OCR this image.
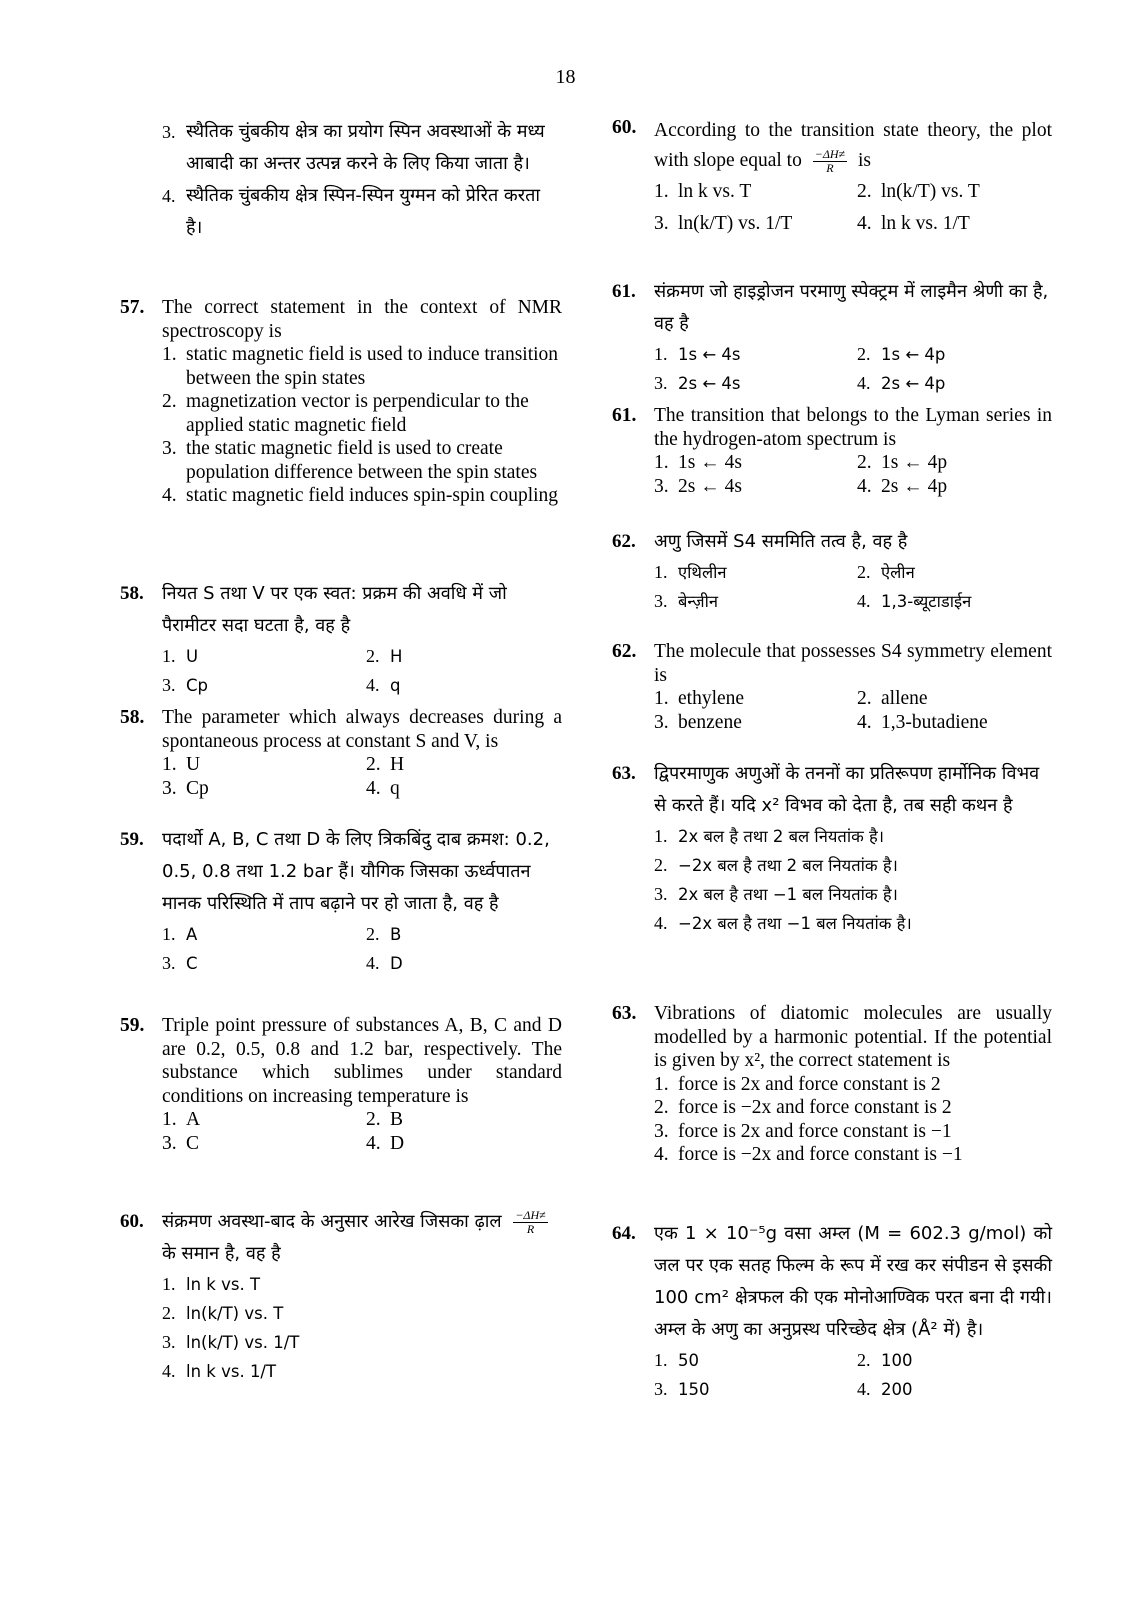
18
3. स्थैतिक चुंबकीय क्षेत्र का प्रयोग स्पिन अवस्थाओं के मध्य आबादी का अन्तर उत्पन्न करने के लिए किया जाता है।
4. स्थैतिक चुंबकीय क्षेत्र स्पिन-स्पिन युग्मन को प्रेरित करता है।
57. The correct statement in the context of NMR spectroscopy is
1. static magnetic field is used to induce transition between the spin states
2. magnetization vector is perpendicular to the applied static magnetic field
3. the static magnetic field is used to create population difference between the spin states
4. static magnetic field induces spin-spin coupling
58. नियत S तथा V पर एक स्वत: प्रक्रम की अवधि में जो पैरामीटर सदा घटता है, वह है
1. U	2. H
3. Cp	4. q
58. The parameter which always decreases during a spontaneous process at constant S and V, is
1. U	2. H
3. Cp	4. q
59. पदार्थो A, B, C तथा D के लिए त्रिकबिंदु दाब क्रमश: 0.2, 0.5, 0.8 तथा 1.2 bar हैं। यौगिक जिसका ऊर्ध्वपातन मानक परिस्थिति में ताप बढ़ाने पर हो जाता है, वह है
1. A	2. B
3. C	4. D
59. Triple point pressure of substances A, B, C and D are 0.2, 0.5, 0.8 and 1.2 bar, respectively. The substance which sublimes under standard conditions on increasing temperature is
1. A	2. B
3. C	4. D
60. संक्रमण अवस्था-बाद के अनुसार आरेख जिसका ढ़ाल $\frac{-\Delta H\ne}{R}$
के समान है, वह है
1. ln k vs. T
2. ln(k/T) vs. T
3. ln(k/T) vs. 1/T
4. ln k vs. 1/T
60. According to the transition state theory, the plot with slope equal to $\frac{-\Delta H\ne}{R}$ is
1. ln k vs. T	2. ln(k/T) vs. T
3. ln(k/T) vs. 1/T	4. ln k vs. 1/T
61. संक्रमण जो हाइड्रोजन परमाणु स्पेक्ट्रम में लाइमैन श्रेणी का है, वह है
1. 1s ← 4s	2. 1s ← 4p
3. 2s ← 4s	4. 2s ← 4p
61. The transition that belongs to the Lyman series in the hydrogen-atom spectrum is
1. 1s ← 4s	2. 1s ← 4p
3. 2s ← 4s	4. 2s ← 4p
62. अणु जिसमें S4 सममिति तत्व है, वह है
1. एथिलीन	2. ऐलीन
3. बेन्ज़ीन	4. 1,3-ब्यूटाडाईन
62. The molecule that possesses S4 symmetry element is
1. ethylene	2. allene
3. benzene	4. 1,3-butadiene
63. द्विपरमाणुक अणुओं के तननों का प्रतिरूपण हार्मोनिक विभव से करते हैं। यदि x² विभव को देता है, तब सही कथन है
1. 2x बल है तथा 2 बल नियतांक है।
2. −2x बल है तथा 2 बल नियतांक है।
3. 2x बल है तथा −1 बल नियतांक है।
4. −2x बल है तथा −1 बल नियतांक है।
63. Vibrations of diatomic molecules are usually modelled by a harmonic potential. If the potential is given by x², the correct statement is
1. force is 2x and force constant is 2
2. force is −2x and force constant is 2
3. force is 2x and force constant is −1
4. force is −2x and force constant is −1
64. एक 1 × 10⁻⁵g वसा अम्ल (M = 602.3 g/mol) को जल पर एक सतह फिल्म के रूप में रख कर संपीडन से इसकी 100 cm² क्षेत्रफल की एक मोनोआण्विक परत बना दी गयी। अम्ल के अणु का अनुप्रस्थ परिच्छेद क्षेत्र (Å² में) है।
1. 50	2. 100
3. 150	4. 200
